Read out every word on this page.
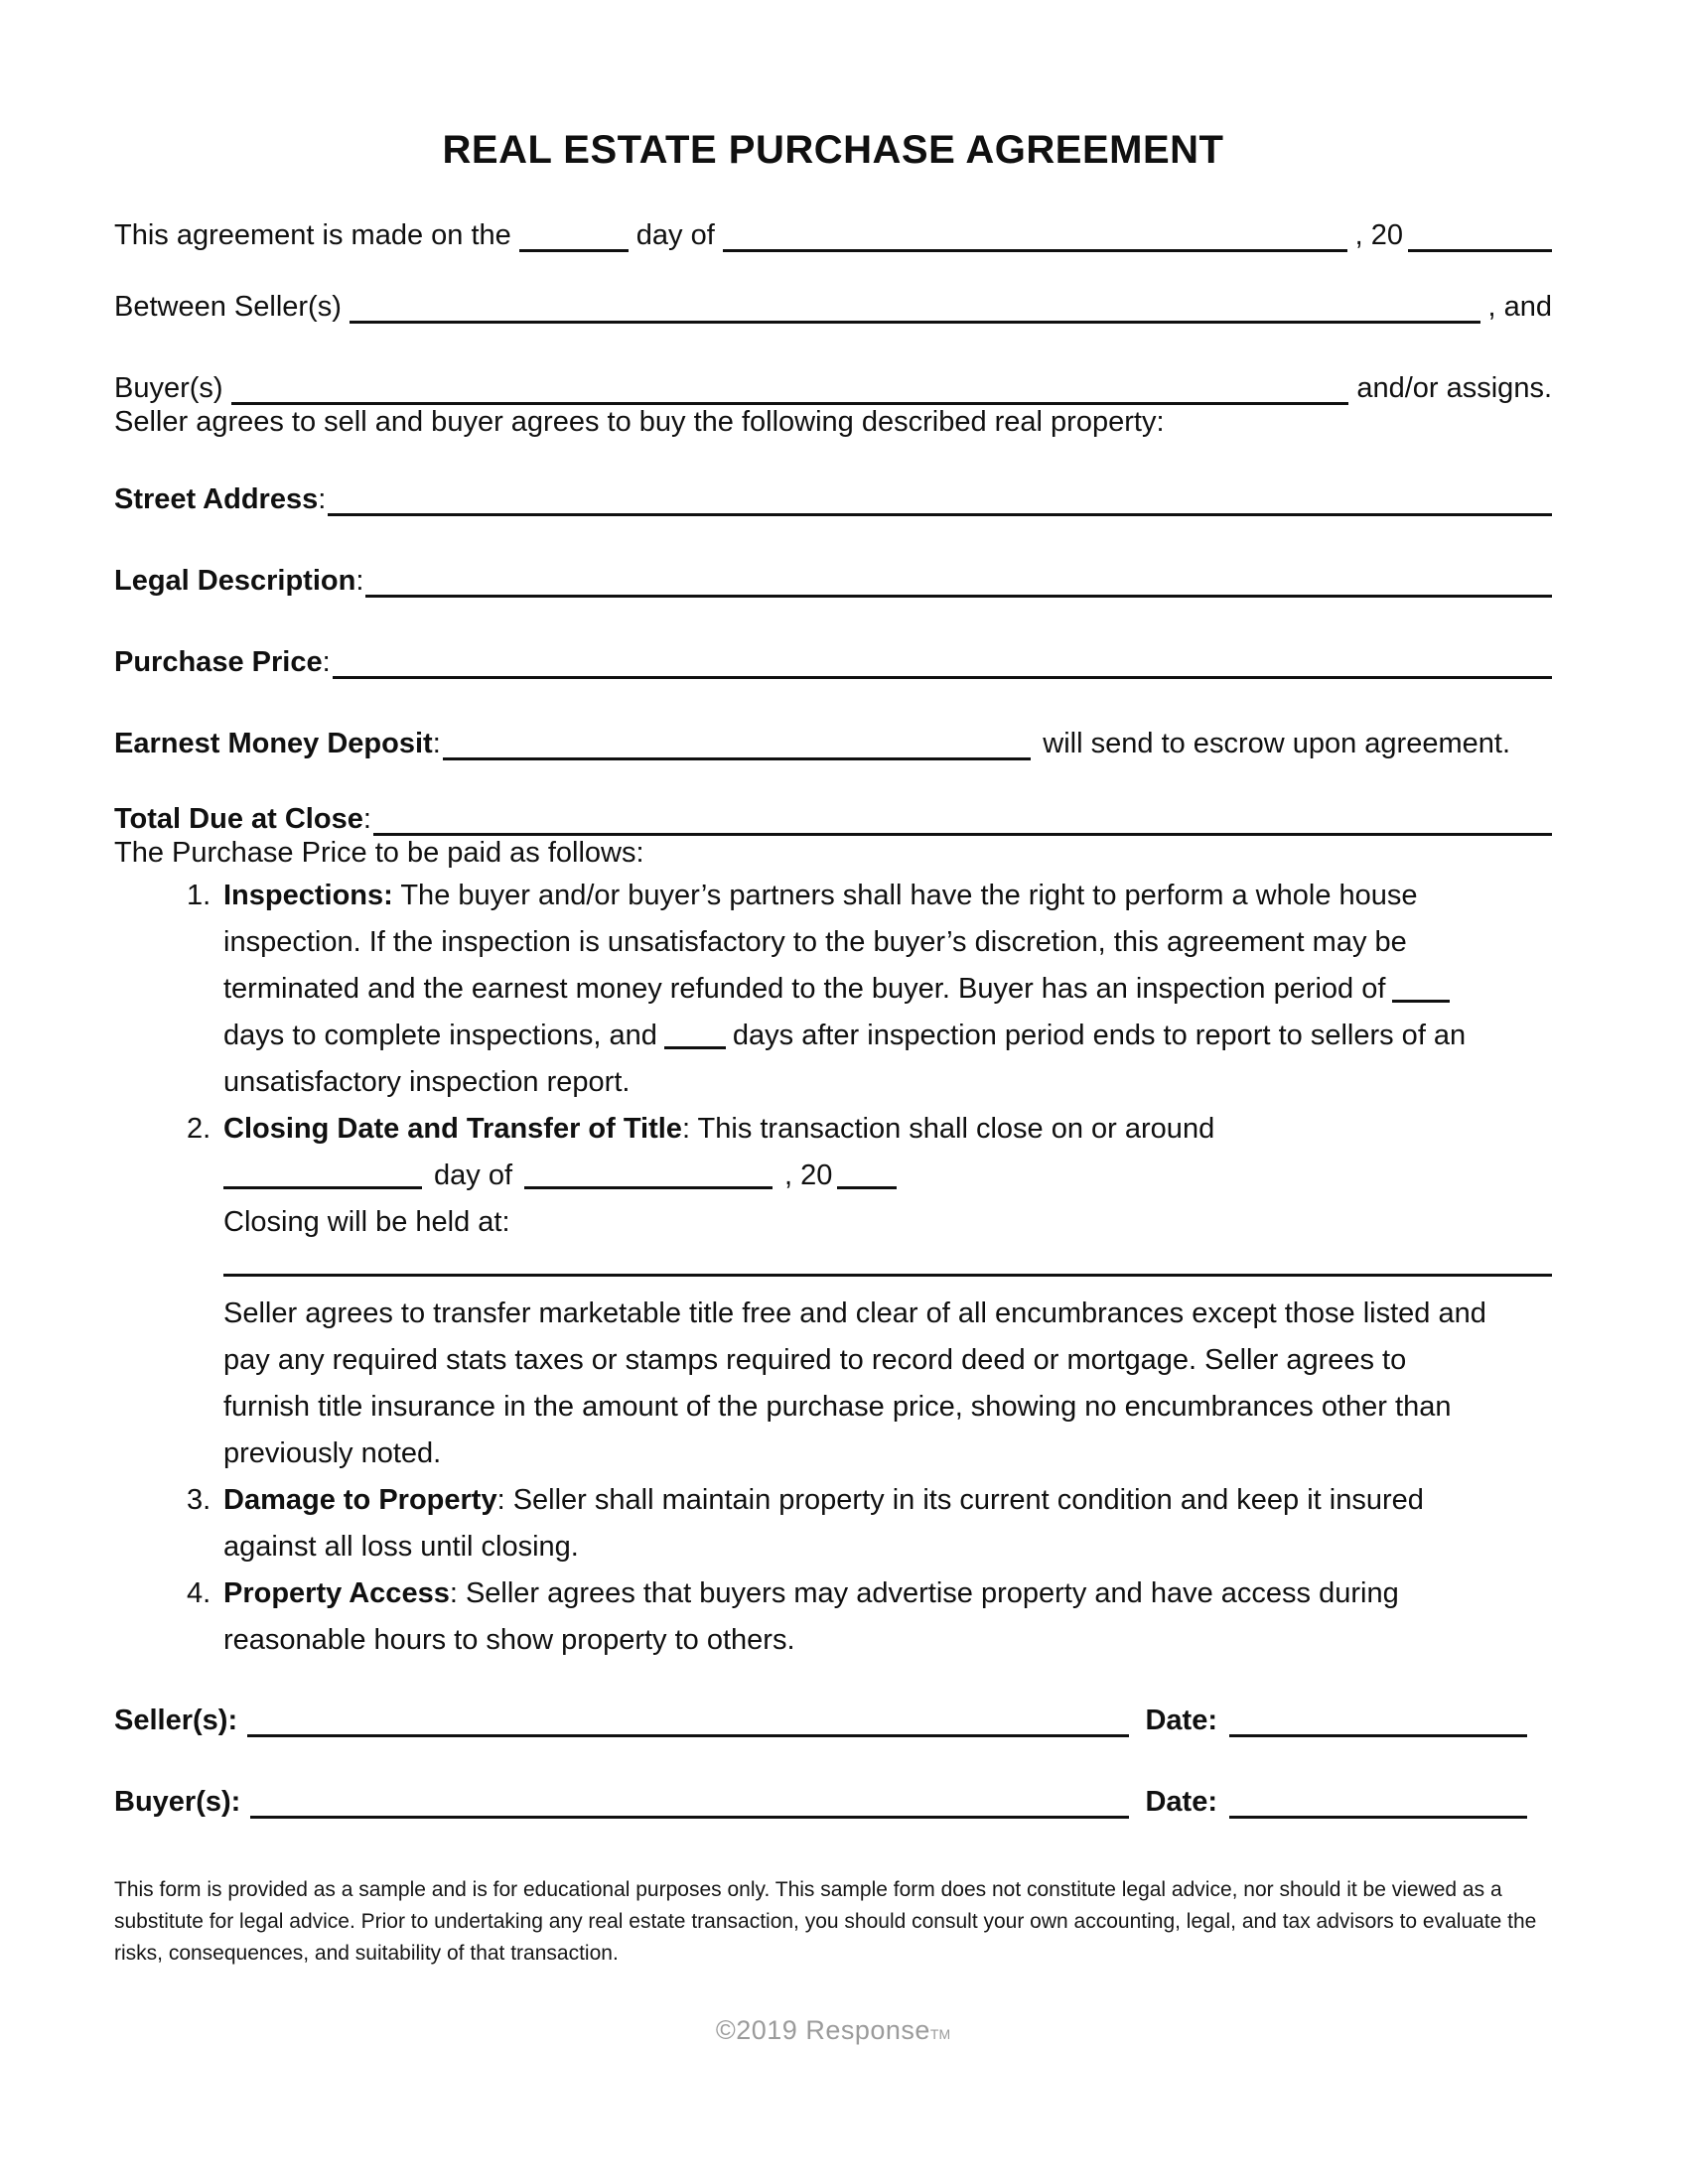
REAL ESTATE PURCHASE AGREEMENT
This agreement is made on the	day of	, 20
Between Seller(s)	, and
Buyer(s)	and/or assigns.

Seller agrees to sell and buyer agrees to buy the following described real property:

Street Address :
Legal Description :
Purchase Price :
Earnest Money Deposit :	will send to escrow upon agreement.
Total Due at Close :

The Purchase Price to be paid as follows:

1. Inspections: The buyer and/or buyer’s partners shall have the right to perform a whole house inspection. If the inspection is unsatisfactory to the buyer’s discretion, this agreement may be terminated and the earnest money refunded to the buyer. Buyer has an inspection period ofdays to complete inspections, and	days after inspection period ends to report to sellers of an unsatisfactory inspection report.
2. Closing Date and Transfer of Title: This transaction shall close on or around
day of	, 20
Closing will be held at:
Seller agrees to transfer marketable title free and clear of all encumbrances except those listed and pay any required stats taxes or stamps required to record deed or mortgage. Seller agrees to furnish title insurance in the amount of the purchase price, showing no encumbrances other than previously noted.
3. Damage to Property: Seller shall maintain property in its current condition and keep it insured against all loss until closing.
4. Property Access: Seller agrees that buyers may advertise property and have access during reasonable hours to show property to others.
Seller(s):	Date:
Buyer(s):	Date:
This form is provided as a sample and is for educational purposes only. This sample form does not constitute legal advice, nor should it be viewed as a substitute for legal advice. Prior to undertaking any real estate transaction, you should consult your own accounting, legal, and tax advisors to evaluate the risks, consequences, and suitability of that transaction.
©2019 ResponseTM
